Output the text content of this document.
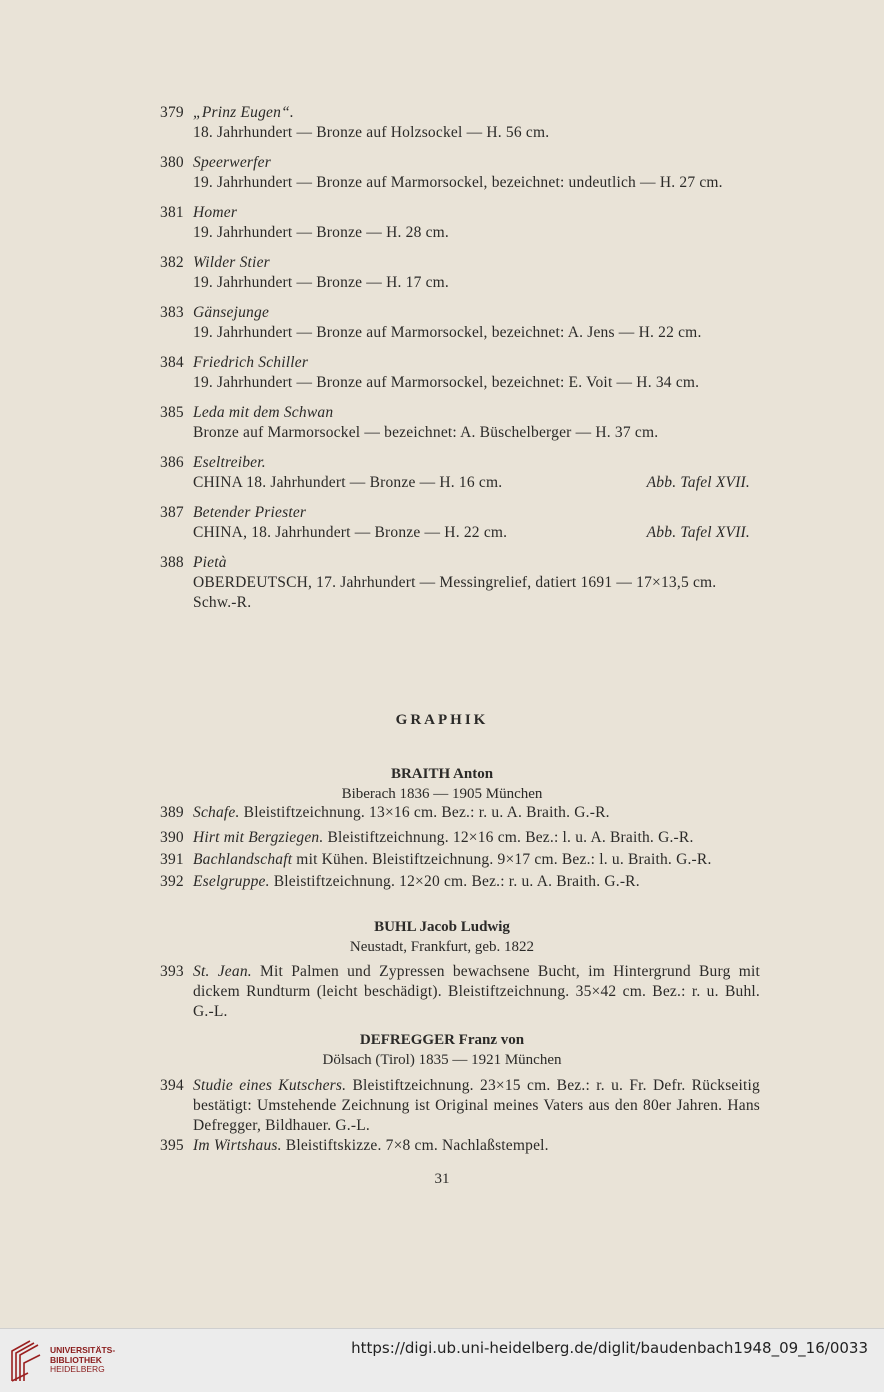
379 „Prinz Eugen“.
18. Jahrhundert — Bronze auf Holzsockel — H. 56 cm.
380 Speerwerfer
19. Jahrhundert — Bronze auf Marmorsockel, bezeichnet: undeutlich — H. 27 cm.
381 Homer
19. Jahrhundert — Bronze — H. 28 cm.
382 Wilder Stier
19. Jahrhundert — Bronze — H. 17 cm.
383 Gänsejunge
19. Jahrhundert — Bronze auf Marmorsockel, bezeichnet: A. Jens — H. 22 cm.
384 Friedrich Schiller
19. Jahrhundert — Bronze auf Marmorsockel, bezeichnet: E. Voit — H. 34 cm.
385 Leda mit dem Schwan
Bronze auf Marmorsockel — bezeichnet: A. Büschelberger — H. 37 cm.
386 Eseltreiber.
CHINA 18. Jahrhundert — Bronze — H. 16 cm.	Abb. Tafel XVII.
387 Betender Priester
CHINA, 18. Jahrhundert — Bronze — H. 22 cm.	Abb. Tafel XVII.
388 Pietà
OBERDEUTSCH, 17. Jahrhundert — Messingrelief, datiert 1691 — 17×13,5 cm.
Schw.-R.
GRAPHIK
BRAITH Anton
Biberach 1836 — 1905 München
389 Schafe. Bleistiftzeichnung. 13×16 cm. Bez.: r. u. A. Braith. G.-R.
390 Hirt mit Bergziegen. Bleistiftzeichnung. 12×16 cm. Bez.: l. u. A. Braith. G.-R.
391 Bachlandschaft mit Kühen. Bleistiftzeichnung. 9×17 cm. Bez.: l. u. Braith. G.-R.
392 Eselgruppe. Bleistiftzeichnung. 12×20 cm. Bez.: r. u. A. Braith. G.-R.
BUHL Jacob Ludwig
Neustadt, Frankfurt, geb. 1822
393 St. Jean. Mit Palmen und Zypressen bewachsene Bucht, im Hintergrund Burg mit dickem Rundturm (leicht beschädigt). Bleistiftzeichnung. 35×42 cm. Bez.: r. u. Buhl. G.-L.
DEFREGGER Franz von
Dölsach (Tirol) 1835 — 1921 München
394 Studie eines Kutschers. Bleistiftzeichnung. 23×15 cm. Bez.: r. u. Fr. Defr. Rückseitig bestätigt: Umstehende Zeichnung ist Original meines Vaters aus den 80er Jahren. Hans Defregger, Bildhauer. G.-L.
395 Im Wirtshaus. Bleistiftskizze. 7×8 cm. Nachlaßstempel.
31
UNIVERSITÄTS-
BIBLIOTHEK
HEIDELBERG
https://digi.ub.uni-heidelberg.de/diglit/baudenbach1948_09_16/0033
